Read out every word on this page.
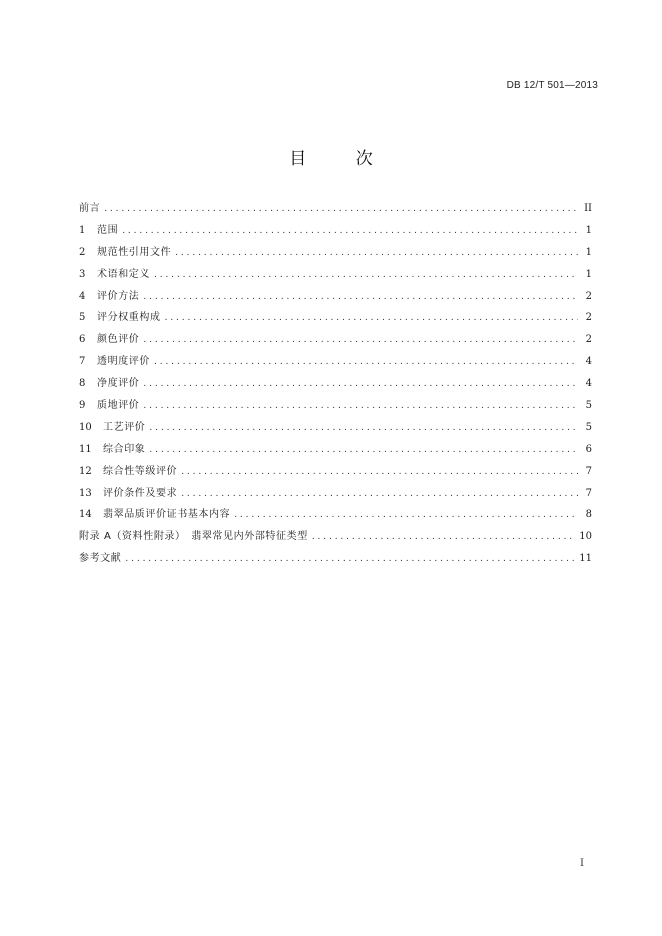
DB 12/T 501—2013
目 次
前言 . . .	II
1 范围 . . .	1
2 规范性引用文件 . . .	1
3 术语和定义 . . .	1
4 评价方法 . . .	2
5 评分权重构成 . . .	2
6 颜色评价 . . .	2
7 透明度评价 . . .	4
8 净度评价 . . .	4
9 质地评价 . . .	5
10 工艺评价 . . .	5
11 综合印象 . . .	6
12 综合性等级评价 . . .	7
13 评价条件及要求 . . .	7
14 翡翠品质评价证书基本内容 . . .	8
附录 A（资料性附录）　翡翠常见内外部特征类型 . . .	10
参考文献 . . .	11
I
